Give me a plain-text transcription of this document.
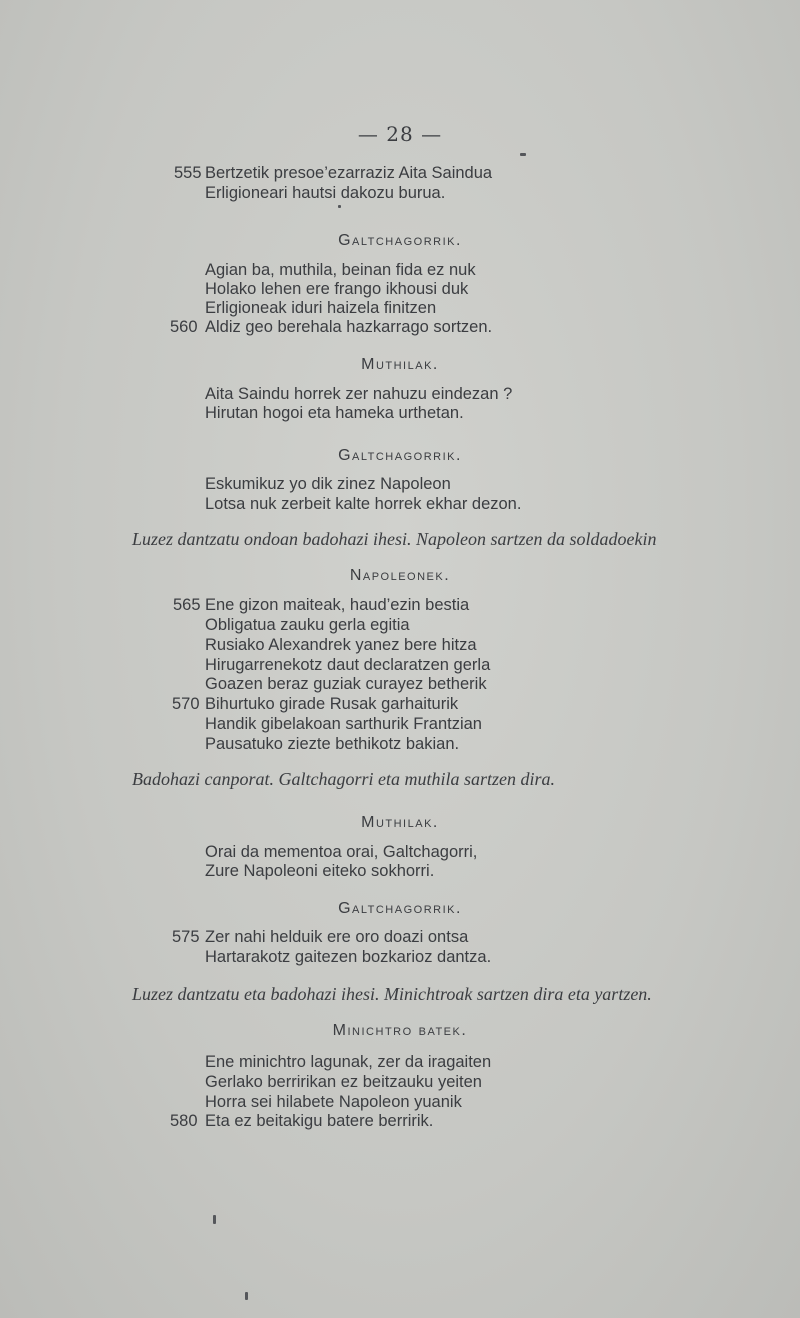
— 28 —
555 Bertzetik presoe’ezarraziz Aita Saindua
Erligioneari hautsi dakozu burua.
Galtchagorrik.
Agian ba, muthila, beinan fida ez nuk
Holako lehen ere frango ikhousi duk
Erligioneak iduri haizela finitzen
560 Aldiz geo berehala hazkarrago sortzen.
Muthilak.
Aita Saindu horrek zer nahuzu eindezan ?
Hirutan hogoi eta hameka urthetan.
Galtchagorrik.
Eskumikuz yo dik zinez Napoleon
Lotsa nuk zerbeit kalte horrek ekhar dezon.
Luzez dantzatu ondoan badohazi ihesi. Napoleon sartzen da soldadoekin
Napoleonek.
565 Ene gizon maiteak, haud’ezin bestia
Obligatua zauku gerla egitia
Rusiako Alexandrek yanez bere hitza
Hirugarrenekotz daut declaratzen gerla
Goazen beraz guziak curayez betherik
570 Bihurtuko girade Rusak garhaiturik
Handik gibelakoan sarthurik Frantzian
Pausatuko ziezte bethikotz bakian.
Badohazi canporat. Galtchagorri eta muthila sartzen dira.
Muthilak.
Orai da mementoa orai, Galtchagorri,
Zure Napoleoni eiteko sokhorri.
Galtchagorrik.
575 Zer nahi helduik ere oro doazi ontsa
Hartarakotz gaitezen bozkarioz dantza.
Luzez dantzatu eta badohazi ihesi. Minichtroak sartzen dira eta yartzen.
Minichtro batek.
Ene minichtro lagunak, zer da iragaiten
Gerlako berririkan ez beitzauku yeiten
Horra sei hilabete Napoleon yuanik
580 Eta ez beitakigu batere berririk.
